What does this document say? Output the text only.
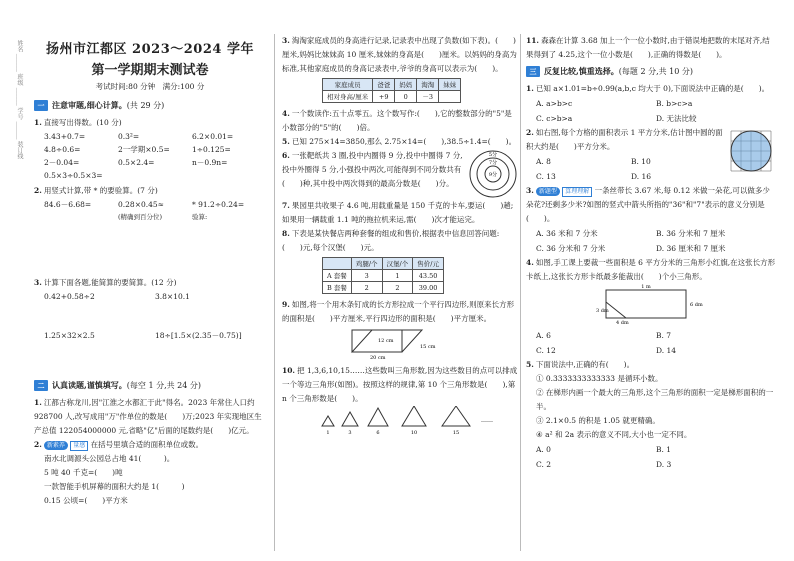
姓名 ______ 班级 ______ 学号 ______ 装订线	扬州市江都区 2023～2024 学年
第一学期期末测试卷
考试时间:80 分钟　满分:100 分
一 注意审题,细心计算。 (共 29 分)
1. 直接写出得数。(10 分)
3.43+0.7=	0.3²=	6.2×0.01=
4.8÷0.6=	2一学期×0.5=	1÷0.125=
2－0.04=	0.5×2.4=	n－0.9n=
0.5×3÷0.5×3=
2. 用竖式计算,带 * 的要验算。(7 分)
84.6－6.68=	0.28×0.45≈	* 91.2÷0.24=
(精确到百分位)	验算:
3. 计算下面各题,能简算的要简算。(12 分)
0.42+0.58÷2	3.8×10.1
1.25×32×2.5	18÷[1.5×(2.35－0.75)]
二 认真读题,谨慎填写。 (每空 1 分,共 24 分)
1. 江都古称龙川,因"江淮之水都汇于此"得名。2023 年常住人口约 928700 人,改写成用"万"作单位的数是(　　)万;2023 年实现地区生产总值 122054000000 元,省略"亿"后面的尾数约是(　　)亿元。
2. 新素养 量感 在括号里填合适的面积单位或数。
南水北调源头公园总占地 41(　　　)。
5 吨 40 千克=(　　)吨
一款智能手机屏幕的面积大约是 1(　　　)
0.15 公顷=(　　)平方米
3. 淘淘家庭成员的身高进行记录,记录表中出现了负数(如下表)。(　　)厘米,妈妈比妹妹高 10 厘米,妹妹的身高是(　　)厘米。以妈妈的身高为标准,其他家庭成员的身高记录表中,爷爷的身高可以表示为(　　)。
家庭成员	爸爸	妈妈	淘淘	妹妹
相对身高/厘米	+9	0	－3	
4. 一个数读作:五十点零五。这个数写作:(　　),它的整数部分的"5"是小数部分的"5"的(　　)倍。
5. 已知 275×14=3850,那么 2.75×14=(　　),38.5÷1.4=(　　)。
6. 一张靶纸共 3 圈,投中内圈得 9 分,投中中圈得 7 分,投中外圈得 5 分,小强投中两次,可能得到不同分数共有(　　)种,其中投中两次得到的最高分数是(　　)分。
5分
7分
9分
7. 果园里共收果子 4.6 吨,用载重量是 150 千克的卡车,要运(　　)趟;如果用一辆载重 1.1 吨的拖拉机来运,需(　　)次才能运完。
8. 下表是某快餐店两种套餐的组成和售价,根据表中信息回答问题:(　　)元,每个汉堡(　　)元。
	鸡腿/个	汉堡/个	售价/元
A 套餐	3	1	43.50
B 套餐	2	2	39.00
9. 如图,将一个用木条钉成的长方形拉成一个平行四边形,则原来长方形的面积是(　　)平方厘米,平行四边形的面积是(　　)平方厘米。
12 cm
20 cm
15 cm
10. 把 1,3,6,10,15……这些数叫三角形数,因为这些数目的点可以排成一个等边三角形(如图)。按照这样的规律,第 10 个三角形数是(　　),第 n 个三角形数是(　　)。
1	3	6	10	15
……
11. 森森在计算 3.68 加上一个一位小数时,由于错误地把数的末尾对齐,结果得到了 4.25,这个一位小数是(　　),正确的得数是(　　)。
三 反复比较,慎重选择。 (每题 2 分,共 10 分)
1. 已知 a×1.01=b÷0.99(a,b,c 均大于 0),下面说法中正确的是(　　)。
A. a>b>c	B. b>c>a
C. c>b>a	D. 无法比较
2. 如右图,每个方格的面积表示 1 平方分米,估计图中圆的面积大约是(　　)平方分米。
A. 8	B. 10
C. 13	D. 16
3. 新题型 算理理解 一条丝带长 3.67 米,每 0.12 米做一朵花,可以做多少朵花?还剩多少米?如图的竖式中箭头所指的"36"和"7"表示的意义分别是(　　)。
A. 36 米和 7 分米	B. 36 分米和 7 厘米
C. 36 分米和 7 分米	D. 36 厘米和 7 厘米
4. 如图,手工课上要裁一些面积是 6 平方分米的三角形小红旗,在这张长方形卡纸上,这张长方形卡纸最多能裁出(　　)个小三角形。
1 m
6 dm
4 dm
3 dm
A. 6	B. 7
C. 12	D. 14
5. 下面说法中,正确的有(　　)。
① 0.3333333333333 是循环小数。
② 在梯形内画一个最大的三角形,这个三角形的面积一定是梯形面积的一半。
③ 2.1×0.5 的积是 1.05 就更精确。
④ a² 和 2a 表示的意义不同,大小也一定不同。
A. 0	B. 1
C. 2	D. 3
